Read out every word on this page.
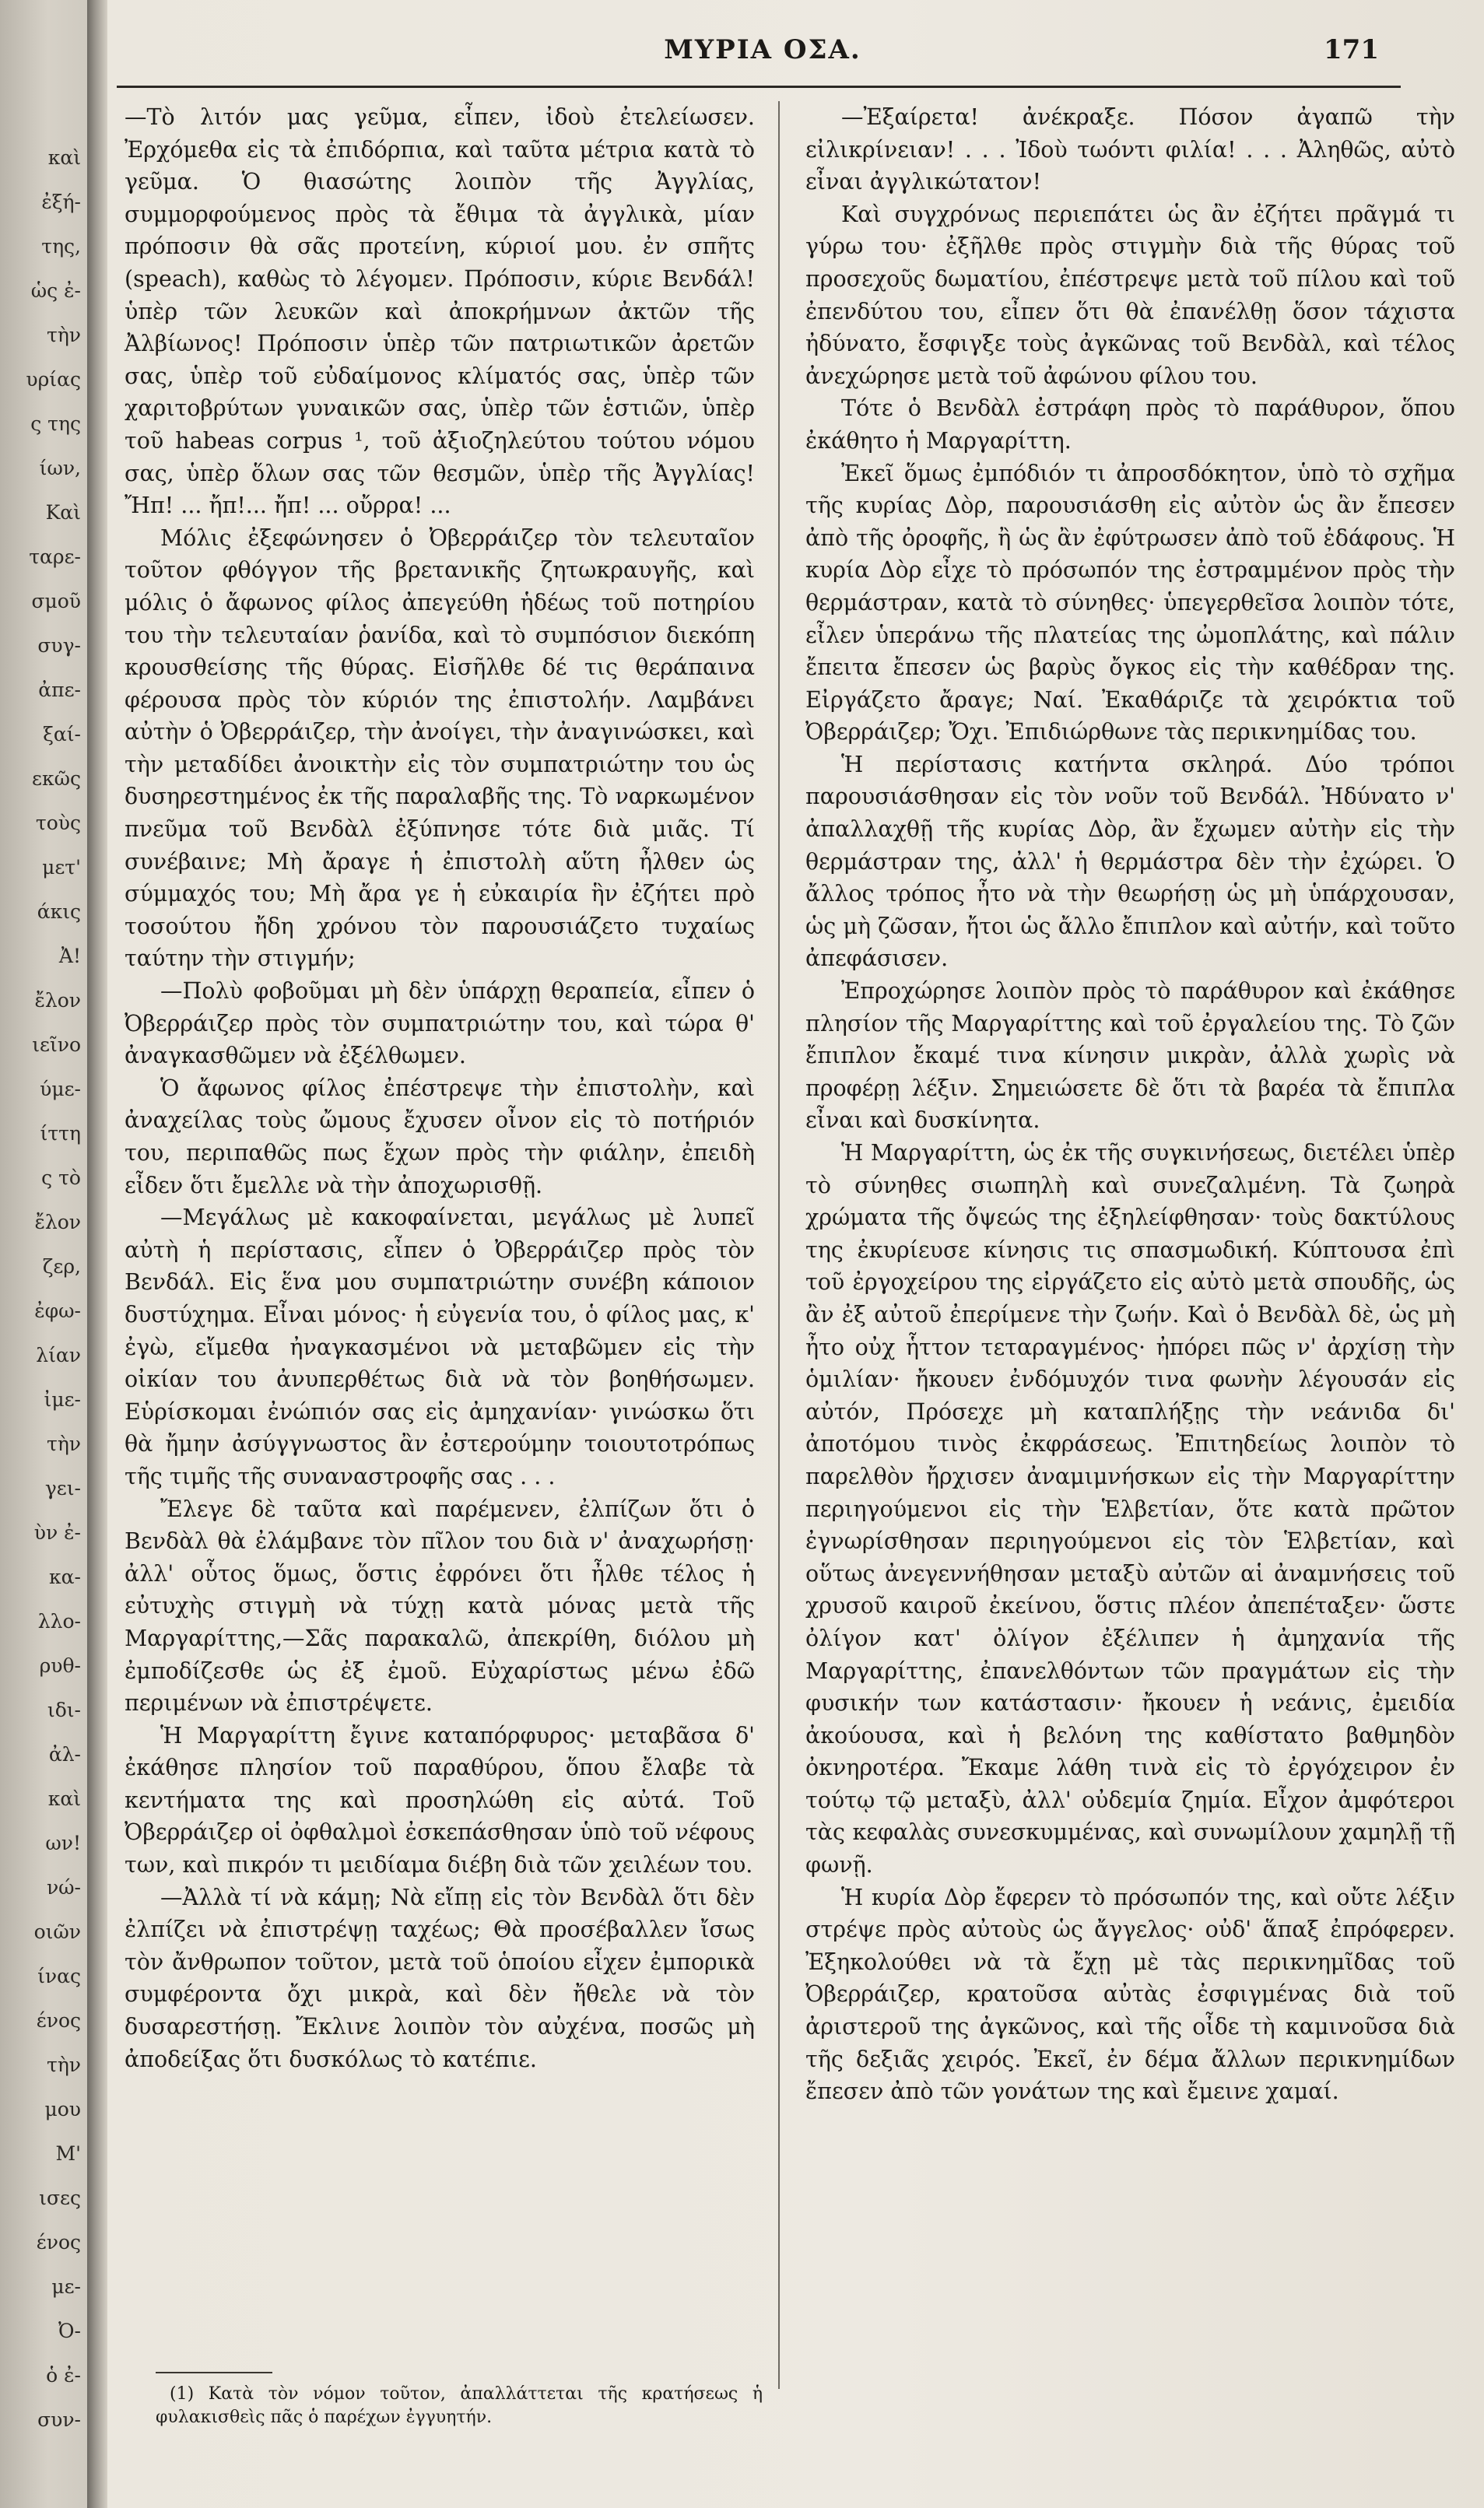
καὶ
ἐξή-
της,
ὡς ἐ-
τὴν
υρίας
ς της
ίων,
Καὶ
ταρε-
σμοῦ
συγ-
ἀπε-
ξαί-
εκῶς
τοὺς
μετ'
άκις
Ἀ!
ἔλον
ιεῖνο
ύμε-
ίττη
ς τὸ
ἔλον
ζερ,
ἐφω-
λίαν
ἰμε-
τὴν
γει-
ὺν ἐ-
κα-
λλο-
ρυθ-
ιδι-
ἀλ-
καὶ
ων!
νώ-
οιῶν
ίνας
ένος
τὴν
μου
Μ'
ισες
ένος
με-
Ὀ-
ὁ ἐ-
συν-
ΜΥΡΙΑ ΟΣΑ.	171

—Τὸ λιτόν μας γεῦμα, εἶπεν, ἰδοὺ ἐτελείωσεν. Ἐρχόμεθα εἰς τὰ ἐπιδόρπια, καὶ ταῦτα μέτρια κατὰ τὸ γεῦμα. Ὁ θιασώτης λοιπὸν τῆς Ἀγγλίας, συμμορφούμενος πρὸς τὰ ἔθιμα τὰ ἀγγλικὰ, μίαν πρόποσιν θὰ σᾶς προτείνη, κύριοί μου. ἐν σπῆτς (speach), καθὼς τὸ λέγομεν. Πρόποσιν, κύριε Βενδάλ! ὑπὲρ τῶν λευκῶν καὶ ἀποκρήμνων ἀκτῶν τῆς Ἀλβίωνος! Πρόποσιν ὑπὲρ τῶν πατριωτικῶν ἀρετῶν σας, ὑπὲρ τοῦ εὐδαίμονος κλίματός σας, ὑπὲρ τῶν χαριτοβρύτων γυναικῶν σας, ὑπὲρ τῶν ἑστιῶν, ὑπὲρ τοῦ habeas corpus ¹, τοῦ ἀξιοζηλεύτου τούτου νόμου σας, ὑπὲρ ὅλων σας τῶν θεσμῶν, ὑπὲρ τῆς Ἀγγλίας! Ἤπ! ... ἤπ!... ἤπ! ... οὔρρα! ...

Μόλις ἐξεφώνησεν ὁ Ὀβερράιζερ τὸν τελευταῖον τοῦτον φθόγγον τῆς βρετανικῆς ζητωκραυγῆς, καὶ μόλις ὁ ἄφωνος φίλος ἀπεγεύθη ἡδέως τοῦ ποτηρίου του τὴν τελευταίαν ῥανίδα, καὶ τὸ συμπόσιον διεκόπη κρουσθείσης τῆς θύρας. Εἰσῆλθε δέ τις θεράπαινα φέρουσα πρὸς τὸν κύριόν της ἐπιστολήν. Λαμβάνει αὐτὴν ὁ Ὀβερράιζερ, τὴν ἀνοίγει, τὴν ἀναγινώσκει, καὶ τὴν μεταδίδει ἀνοικτὴν εἰς τὸν συμπατριώτην του ὡς δυσηρεστημένος ἐκ τῆς παραλαβῆς της. Τὸ ναρκωμένον πνεῦμα τοῦ Βενδὰλ ἐξύπνησε τότε διὰ μιᾶς. Τί συνέβαινε; Μὴ ἄραγε ἡ ἐπιστολὴ αὕτη ἦλθεν ὡς σύμμαχός του; Μὴ ἄρα γε ἡ εὐκαιρία ἣν ἐζήτει πρὸ τοσούτου ἤδη χρόνου τὸν παρουσιάζετο τυχαίως ταύτην τὴν στιγμήν;

—Πολὺ φοβοῦμαι μὴ δὲν ὑπάρχῃ θεραπεία, εἶπεν ὁ Ὀβερράιζερ πρὸς τὸν συμπατριώτην του, καὶ τώρα θ' ἀναγκασθῶμεν νὰ ἐξέλθωμεν.

Ὁ ἄφωνος φίλος ἐπέστρεψε τὴν ἐπιστολὴν, καὶ ἀναχείλας τοὺς ὤμους ἔχυσεν οἶνον εἰς τὸ ποτήριόν του, περιπαθῶς πως ἔχων πρὸς τὴν φιάλην, ἐπειδὴ εἶδεν ὅτι ἔμελλε νὰ τὴν ἀποχωρισθῇ.

—Μεγάλως μὲ κακοφαίνεται, μεγάλως μὲ λυπεῖ αὐτὴ ἡ περίστασις, εἶπεν ὁ Ὀβερράιζερ πρὸς τὸν Βενδάλ. Εἰς ἕνα μου συμπατριώτην συνέβη κάποιον δυστύχημα. Εἶναι μόνος· ἡ εὐγενία του, ὁ φίλος μας, κ' ἐγὼ, εἴμεθα ἠναγκασμένοι νὰ μεταβῶμεν εἰς τὴν οἰκίαν του ἀνυπερθέτως διὰ νὰ τὸν βοηθήσωμεν. Εὑρίσκομαι ἐνώπιόν σας εἰς ἀμηχανίαν· γινώσκω ὅτι θὰ ἤμην ἀσύγγνωστος ἂν ἐστερούμην τοιουτοτρόπως τῆς τιμῆς τῆς συναναστροφῆς σας . . .

Ἔλεγε δὲ ταῦτα καὶ παρέμενεν, ἐλπίζων ὅτι ὁ Βενδὰλ θὰ ἐλάμβανε τὸν πῖλον του διὰ ν' ἀναχωρήσῃ· ἀλλ' οὗτος ὅμως, ὅστις ἐφρόνει ὅτι ἦλθε τέλος ἡ εὐτυχὴς στιγμὴ νὰ τύχῃ κατὰ μόνας μετὰ τῆς Μαργαρίττης,—Σᾶς παρακαλῶ, ἀπεκρίθη, διόλου μὴ ἐμποδίζεσθε ὡς ἐξ ἐμοῦ. Εὐχαρίστως μένω ἐδῶ περιμένων νὰ ἐπιστρέψετε.

Ἡ Μαργαρίττη ἔγινε καταπόρφυρος· μεταβᾶσα δ' ἐκάθησε πλησίον τοῦ παραθύρου, ὅπου ἔλαβε τὰ κεντήματα της καὶ προσηλώθη εἰς αὐτά. Τοῦ Ὀβερράιζερ οἱ ὀφθαλμοὶ ἐσκεπάσθησαν ὑπὸ τοῦ νέφους των, καὶ πικρόν τι μειδίαμα διέβη διὰ τῶν χειλέων του.

—Ἀλλὰ τί νὰ κάμῃ; Νὰ εἴπῃ εἰς τὸν Βενδὰλ ὅτι δὲν ἐλπίζει νὰ ἐπιστρέψῃ ταχέως; Θὰ προσέβαλλεν ἴσως τὸν ἄνθρωπον τοῦτον, μετὰ τοῦ ὁποίου εἶχεν ἐμπορικὰ συμφέροντα ὄχι μικρὰ, καὶ δὲν ἤθελε νὰ τὸν δυσαρεστήσῃ. Ἔκλινε λοιπὸν τὸν αὐχένα, ποσῶς μὴ ἀποδείξας ὅτι δυσκόλως τὸ κατέπιε.

—Ἐξαίρετα! ἀνέκραξε. Πόσον ἀγαπῶ τὴν εἰλικρίνειαν! . . . Ἰδοὺ τωόντι φιλία! . . . Ἀληθῶς, αὐτὸ εἶναι ἀγγλικώτατον!

Καὶ συγχρόνως περιεπάτει ὡς ἂν ἐζήτει πρᾶγμά τι γύρω του· ἐξῆλθε πρὸς στιγμὴν διὰ τῆς θύρας τοῦ προσεχοῦς δωματίου, ἐπέστρεψε μετὰ τοῦ πίλου καὶ τοῦ ἐπενδύτου του, εἶπεν ὅτι θὰ ἐπανέλθῃ ὅσον τάχιστα ἠδύνατο, ἔσφιγξε τοὺς ἀγκῶνας τοῦ Βενδὰλ, καὶ τέλος ἀνεχώρησε μετὰ τοῦ ἀφώνου φίλου του.

Τότε ὁ Βενδὰλ ἐστράφη πρὸς τὸ παράθυρον, ὅπου ἐκάθητο ἡ Μαργαρίττη.

Ἐκεῖ ὅμως ἐμπόδιόν τι ἀπροσδόκητον, ὑπὸ τὸ σχῆμα τῆς κυρίας Δὸρ, παρουσιάσθη εἰς αὐτὸν ὡς ἂν ἔπεσεν ἀπὸ τῆς ὀροφῆς, ἢ ὡς ἂν ἐφύτρωσεν ἀπὸ τοῦ ἐδάφους. Ἡ κυρία Δὸρ εἶχε τὸ πρόσωπόν της ἐστραμμένον πρὸς τὴν θερμάστραν, κατὰ τὸ σύνηθες· ὑπεγερθεῖσα λοιπὸν τότε, εἶλεν ὑπεράνω τῆς πλατείας της ὠμοπλάτης, καὶ πάλιν ἔπειτα ἔπεσεν ὡς βαρὺς ὄγκος εἰς τὴν καθέδραν της. Εἰργάζετο ἄραγε; Ναί. Ἐκαθάριζε τὰ χειρόκτια τοῦ Ὀβερράιζερ; Ὄχι. Ἐπιδιώρθωνε τὰς περικνημίδας του.

Ἡ περίστασις κατήντα σκληρά. Δύο τρόποι παρουσιάσθησαν εἰς τὸν νοῦν τοῦ Βενδάλ. Ἠδύνατο ν' ἀπαλλαχθῇ τῆς κυρίας Δὸρ, ἂν ἔχωμεν αὐτὴν εἰς τὴν θερμάστραν της, ἀλλ' ἡ θερμάστρα δὲν τὴν ἐχώρει. Ὁ ἄλλος τρόπος ἦτο νὰ τὴν θεωρήσῃ ὡς μὴ ὑπάρχουσαν, ὡς μὴ ζῶσαν, ἤτοι ὡς ἄλλο ἔπιπλον καὶ αὐτήν, καὶ τοῦτο ἀπεφάσισεν.

Ἐπροχώρησε λοιπὸν πρὸς τὸ παράθυρον καὶ ἐκάθησε πλησίον τῆς Μαργαρίττης καὶ τοῦ ἐργαλείου της. Τὸ ζῶν ἔπιπλον ἔκαμέ τινα κίνησιν μικρὰν, ἀλλὰ χωρὶς νὰ προφέρῃ λέξιν. Σημειώσετε δὲ ὅτι τὰ βαρέα τὰ ἔπιπλα εἶναι καὶ δυσκίνητα.

Ἡ Μαργαρίττη, ὡς ἐκ τῆς συγκινήσεως, διετέλει ὑπὲρ τὸ σύνηθες σιωπηλὴ καὶ συνεζαλμένη. Τὰ ζωηρὰ χρώματα τῆς ὄψεώς της ἐξηλείφθησαν· τοὺς δακτύλους της ἐκυρίευσε κίνησις τις σπασμωδική. Κύπτουσα ἐπὶ τοῦ ἐργοχείρου της εἰργάζετο εἰς αὐτὸ μετὰ σπουδῆς, ὡς ἂν ἐξ αὐτοῦ ἐπερίμενε τὴν ζωήν. Καὶ ὁ Βενδὰλ δὲ, ὡς μὴ ἦτο οὐχ ἧττον τεταραγμένος· ἠπόρει πῶς ν' ἀρχίσῃ τὴν ὁμιλίαν· ἤκουεν ἐνδόμυχόν τινα φωνὴν λέγουσάν εἰς αὐτόν, Πρόσεχε μὴ καταπλήξῃς τὴν νεάνιδα δι' ἀποτόμου τινὸς ἐκφράσεως. Ἐπιτηδείως λοιπὸν τὸ παρελθὸν ἤρχισεν ἀναμιμνήσκων εἰς τὴν Μαργαρίττην περιηγούμενοι εἰς τὴν Ἑλβετίαν, ὅτε κατὰ πρῶτον ἐγνωρίσθησαν περιηγούμενοι εἰς τὸν Ἑλβετίαν, καὶ οὕτως ἀνεγεννήθησαν μεταξὺ αὐτῶν αἱ ἀναμνήσεις τοῦ χρυσοῦ καιροῦ ἐκείνου, ὅστις πλέον ἀπεπέταξεν· ὥστε ὀλίγον κατ' ὀλίγον ἐξέλιπεν ἡ ἀμηχανία τῆς Μαργαρίττης, ἐπανελθόντων τῶν πραγμάτων εἰς τὴν φυσικήν των κατάστασιν· ἤκουεν ἡ νεάνις, ἐμειδία ἀκούουσα, καὶ ἡ βελόνη της καθίστατο βαθμηδὸν ὀκνηροτέρα. Ἔκαμε λάθη τινὰ εἰς τὸ ἐργόχειρον ἐν τούτῳ τῷ μεταξὺ, ἀλλ' οὐδεμία ζημία. Εἶχον ἀμφότεροι τὰς κεφαλὰς συνεσκυμμένας, καὶ συνωμίλουν χαμηλῇ τῇ φωνῇ.

Ἡ κυρία Δὸρ ἔφερεν τὸ πρόσωπόν της, καὶ οὔτε λέξιν στρέψε πρὸς αὐτοὺς ὡς ἄγγελος· οὐδ' ἅπαξ ἐπρόφερεν. Ἐξηκολούθει νὰ τὰ ἔχῃ μὲ τὰς περικνημῖδας τοῦ Ὀβερράιζερ, κρατοῦσα αὐτὰς ἐσφιγμένας διὰ τοῦ ἀριστεροῦ της ἀγκῶνος, καὶ τῆς οἶδε τὴ καμινοῦσα διὰ τῆς δεξιᾶς χειρός. Ἐκεῖ, ἐν δέμα ἄλλων περικνημίδων ἔπεσεν ἀπὸ τῶν γονάτων της καὶ ἔμεινε χαμαί.

(1) Κατὰ τὸν νόμον τοῦτον, ἀπαλλάττεται τῆς κρατήσεως ἡ φυλακισθεὶς πᾶς ὁ παρέχων ἐγγυητήν.
